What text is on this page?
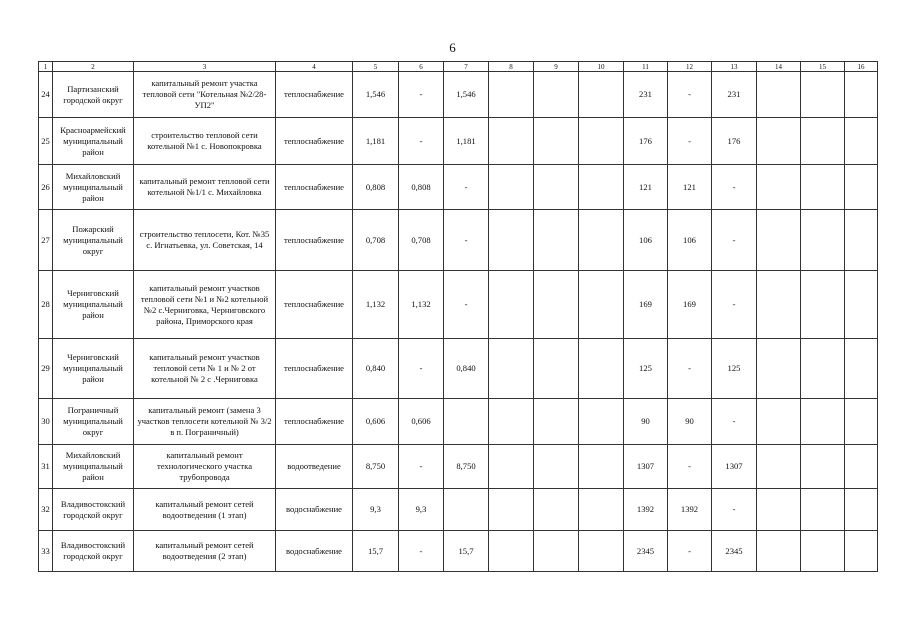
6
1	2	3	4	5	6	7	8	9	10	11	12	13	14	15	16
24	Партизанский городской округ	капитальный ремонт участка тепловой сети "Котельная №2/28-УП2"	теплоснабжение	1,546	-	1,546				231	-	231			
25	Красноармейский муниципальный район	строительство тепловой сети котельной №1 с. Новопокровка	теплоснабжение	1,181	-	1,181				176	-	176			
26	Михайловский муниципальный район	капитальный ремонт тепловой сети котельной №1/1 с. Михайловка	теплоснабжение	0,808	0,808	-				121	121	-			
27	Пожарский муниципальный округ	строительство теплосети, Кот. №35 с. Игнатьевка, ул. Советская, 14	теплоснабжение	0,708	0,708	-				106	106	-			
28	Черниговский муниципальный район	капитальный ремонт участков тепловой сети №1 и №2 котельной №2 с.Черниговка, Черниговского района, Приморского края	теплоснабжение	1,132	1,132	-				169	169	-			
29	Черниговский муниципальный район	капитальный ремонт участков тепловой сети № 1 и № 2 от котельной № 2 с .Черниговка	теплоснабжение	0,840	-	0,840				125	-	125			
30	Пограничный муниципальный округ	капитальный ремонт (замена 3 участков теплосети котельной № 3/2 в п. Пограничный)	теплоснабжение	0,606	0,606					90	90	-			
31	Михайловский муниципальный район	капитальный ремонт технологического участка трубопровода	водоотведение	8,750	-	8,750				1307	-	1307			
32	Владивостокский городской округ	капитальный ремонт сетей водоотведения (1 этап)	водоснабжение	9,3	9,3					1392	1392	-			
33	Владивостокский городской округ	капитальный ремонт сетей водоотведения (2 этап)	водоснабжение	15,7	-	15,7				2345	-	2345			
